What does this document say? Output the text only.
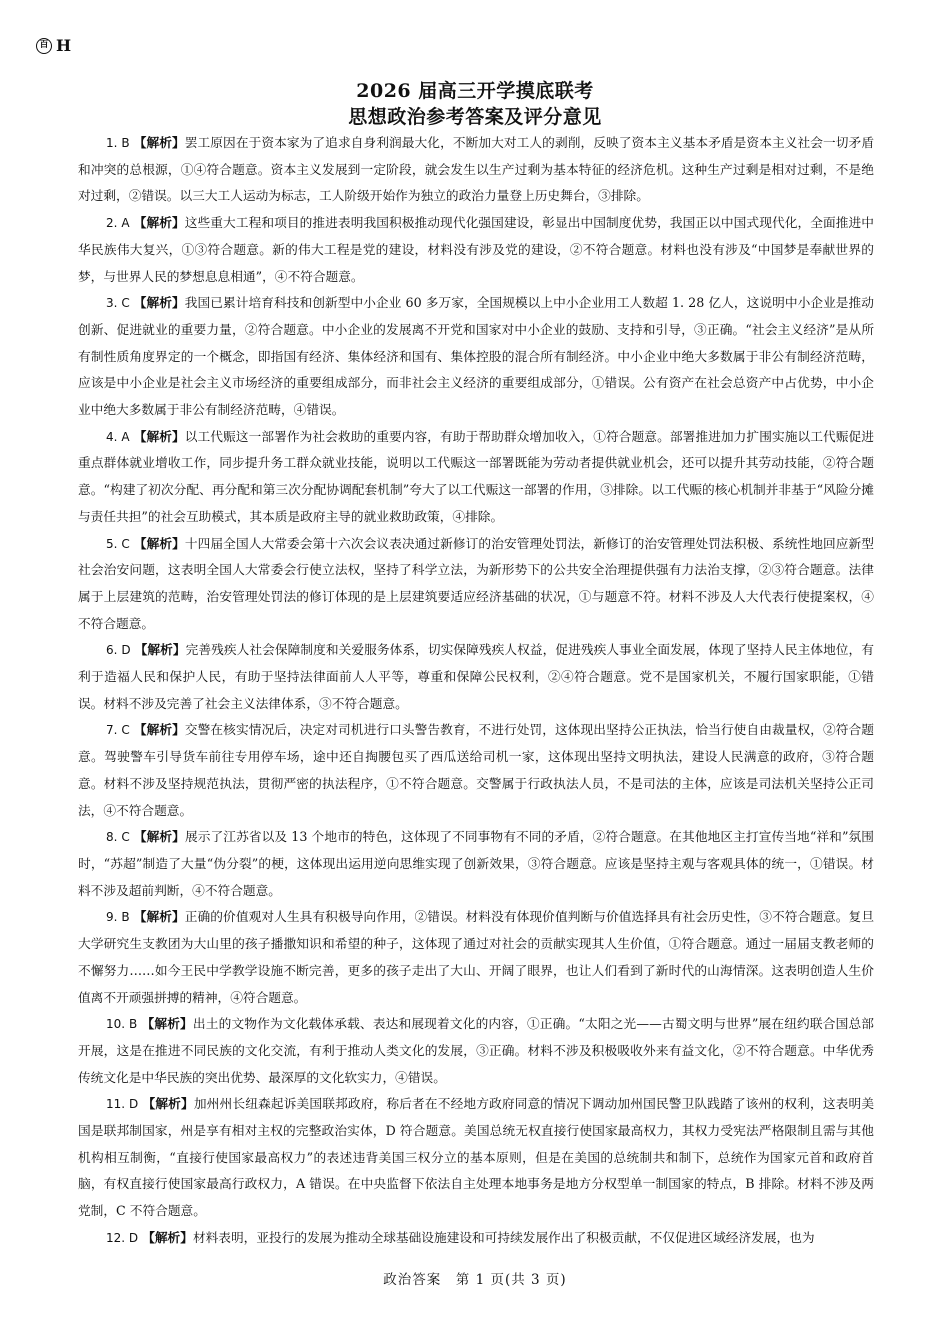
百 H
2026 届高三开学摸底联考
思想政治参考答案及评分意见

1. B 【解析】罢工原因在于资本家为了追求自身利润最大化，不断加大对工人的剥削，反映了资本主义基本矛盾是资本主义社会一切矛盾和冲突的总根源，①④符合题意。资本主义发展到一定阶段，就会发生以生产过剩为基本特征的经济危机。这种生产过剩是相对过剩，不是绝对过剩，②错误。以三大工人运动为标志，工人阶级开始作为独立的政治力量登上历史舞台，③排除。

2. A 【解析】这些重大工程和项目的推进表明我国积极推动现代化强国建设，彰显出中国制度优势，我国正以中国式现代化，全面推进中华民族伟大复兴，①③符合题意。新的伟大工程是党的建设，材料没有涉及党的建设，②不符合题意。材料也没有涉及“中国梦是奉献世界的梦，与世界人民的梦想息息相通”，④不符合题意。

3. C 【解析】我国已累计培育科技和创新型中小企业 60 多万家，全国规模以上中小企业用工人数超 1. 28 亿人，这说明中小企业是推动创新、促进就业的重要力量，②符合题意。中小企业的发展离不开党和国家对中小企业的鼓励、支持和引导，③正确。“社会主义经济”是从所有制性质角度界定的一个概念，即指国有经济、集体经济和国有、集体控股的混合所有制经济。中小企业中绝大多数属于非公有制经济范畴，应该是中小企业是社会主义市场经济的重要组成部分，而非社会主义经济的重要组成部分，①错误。公有资产在社会总资产中占优势，中小企业中绝大多数属于非公有制经济范畴，④错误。

4. A 【解析】以工代赈这一部署作为社会救助的重要内容，有助于帮助群众增加收入，①符合题意。部署推进加力扩围实施以工代赈促进重点群体就业增收工作，同步提升务工群众就业技能，说明以工代赈这一部署既能为劳动者提供就业机会，还可以提升其劳动技能，②符合题意。“构建了初次分配、再分配和第三次分配协调配套机制”夸大了以工代赈这一部署的作用，③排除。以工代赈的核心机制并非基于“风险分摊与责任共担”的社会互助模式，其本质是政府主导的就业救助政策，④排除。

5. C 【解析】十四届全国人大常委会第十六次会议表决通过新修订的治安管理处罚法，新修订的治安管理处罚法积极、系统性地回应新型社会治安问题，这表明全国人大常委会行使立法权，坚持了科学立法，为新形势下的公共安全治理提供强有力法治支撑，②③符合题意。法律属于上层建筑的范畴，治安管理处罚法的修订体现的是上层建筑要适应经济基础的状况，①与题意不符。材料不涉及人大代表行使提案权，④不符合题意。

6. D 【解析】完善残疾人社会保障制度和关爱服务体系，切实保障残疾人权益，促进残疾人事业全面发展，体现了坚持人民主体地位，有利于造福人民和保护人民，有助于坚持法律面前人人平等，尊重和保障公民权利，②④符合题意。党不是国家机关，不履行国家职能，①错误。材料不涉及完善了社会主义法律体系，③不符合题意。

7. C 【解析】交警在核实情况后，决定对司机进行口头警告教育，不进行处罚，这体现出坚持公正执法，恰当行使自由裁量权，②符合题意。驾驶警车引导货车前往专用停车场，途中还自掏腰包买了西瓜送给司机一家，这体现出坚持文明执法，建设人民满意的政府，③符合题意。材料不涉及坚持规范执法，贯彻严密的执法程序，①不符合题意。交警属于行政执法人员，不是司法的主体，应该是司法机关坚持公正司法，④不符合题意。

8. C 【解析】展示了江苏省以及 13 个地市的特色，这体现了不同事物有不同的矛盾，②符合题意。在其他地区主打宣传当地“祥和”氛围时，“苏超”制造了大量“伪分裂”的梗，这体现出运用逆向思维实现了创新效果，③符合题意。应该是坚持主观与客观具体的统一，①错误。材料不涉及超前判断，④不符合题意。

9. B 【解析】正确的价值观对人生具有积极导向作用，②错误。材料没有体现价值判断与价值选择具有社会历史性，③不符合题意。复旦大学研究生支教团为大山里的孩子播撒知识和希望的种子，这体现了通过对社会的贡献实现其人生价值，①符合题意。通过一届届支教老师的不懈努力……如今王民中学教学设施不断完善，更多的孩子走出了大山、开阔了眼界，也让人们看到了新时代的山海情深。这表明创造人生价值离不开顽强拼搏的精神，④符合题意。

10. B 【解析】出土的文物作为文化载体承载、表达和展现着文化的内容，①正确。“太阳之光——古蜀文明与世界”展在纽约联合国总部开展，这是在推进不同民族的文化交流，有利于推动人类文化的发展，③正确。材料不涉及积极吸收外来有益文化，②不符合题意。中华优秀传统文化是中华民族的突出优势、最深厚的文化软实力，④错误。

11. D 【解析】加州州长纽森起诉美国联邦政府，称后者在不经地方政府同意的情况下调动加州国民警卫队践踏了该州的权利，这表明美国是联邦制国家，州是享有相对主权的完整政治实体，D 符合题意。美国总统无权直接行使国家最高权力，其权力受宪法严格限制且需与其他机构相互制衡，“直接行使国家最高权力”的表述违背美国三权分立的基本原则，但是在美国的总统制共和制下，总统作为国家元首和政府首脑，有权直接行使国家最高行政权力，A 错误。在中央监督下依法自主处理本地事务是地方分权型单一制国家的特点，B 排除。材料不涉及两党制，C 不符合题意。

12. D 【解析】材料表明，亚投行的发展为推动全球基础设施建设和可持续发展作出了积极贡献，不仅促进区域经济发展，也为

政治答案　第 1 页(共 3 页)
